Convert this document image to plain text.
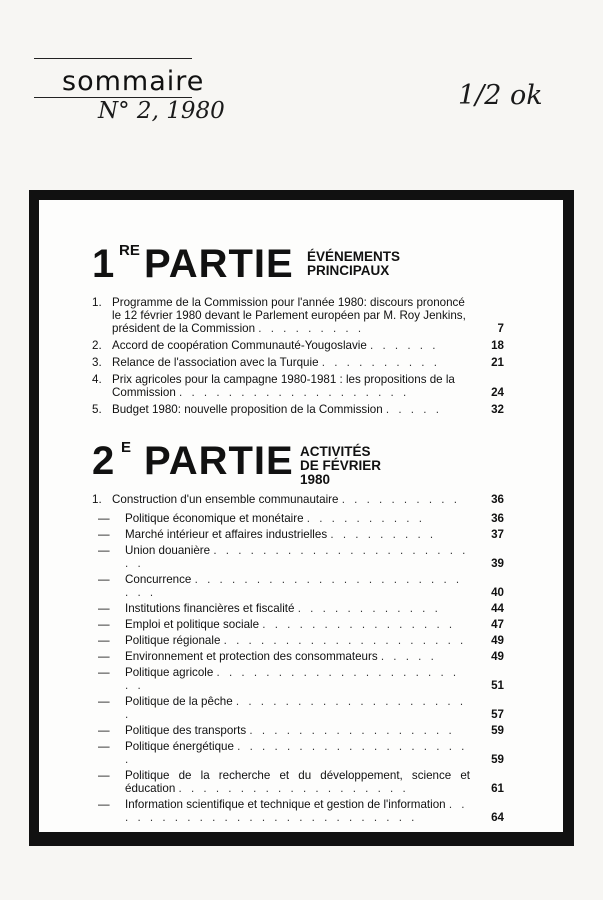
sommaire
N° 2, 1980	1/2 ok
1 RE PARTIE ÉVÉNEMENTS
PRINCIPAUX
1. Programme de la Commission pour l'année 1980: discours prononcé le 12 février 1980 devant le Parlement européen par M. Roy Jenkins, président de la Commission . . . . . . . . .	7
2. Accord de coopération Communauté-Yougoslavie . . . . . .	18
3. Relance de l'association avec la Turquie . . . . . . . . . .	21
4. Prix agricoles pour la campagne 1980-1981 : les propositions de la Commission . . . . . . . . . . . . . . . . . . .	24
5. Budget 1980: nouvelle proposition de la Commission . . . . .	32
2 E PARTIE ACTIVITÉS
DE FÉVRIER 1980
1. Construction d'un ensemble communautaire . . . . . . . . . .	36
— Politique économique et monétaire . . . . . . . . . .	36
— Marché intérieur et affaires industrielles . . . . . . . . .	37
— Union douanière . . . . . . . . . . . . . . . . . . . . . . .	39
— Concurrence . . . . . . . . . . . . . . . . . . . . . . . . .	40
— Institutions financières et fiscalité . . . . . . . . . . . .	44
— Emploi et politique sociale . . . . . . . . . . . . . . . .	47
— Politique régionale . . . . . . . . . . . . . . . . . . . .	49
— Environnement et protection des consommateurs . . . . .	49
— Politique agricole . . . . . . . . . . . . . . . . . . . . . .	51
— Politique de la pêche . . . . . . . . . . . . . . . . . . . .	57
— Politique des transports . . . . . . . . . . . . . . . . .	59
— Politique énergétique . . . . . . . . . . . . . . . . . . . .	59
— Politique de la recherche et du développement, science et éducation . . . . . . . . . . . . . . . . . . .	61
— Information scientifique et technique et gestion de l'information . . . . . . . . . . . . . . . . . . . . . . . . . .	64
